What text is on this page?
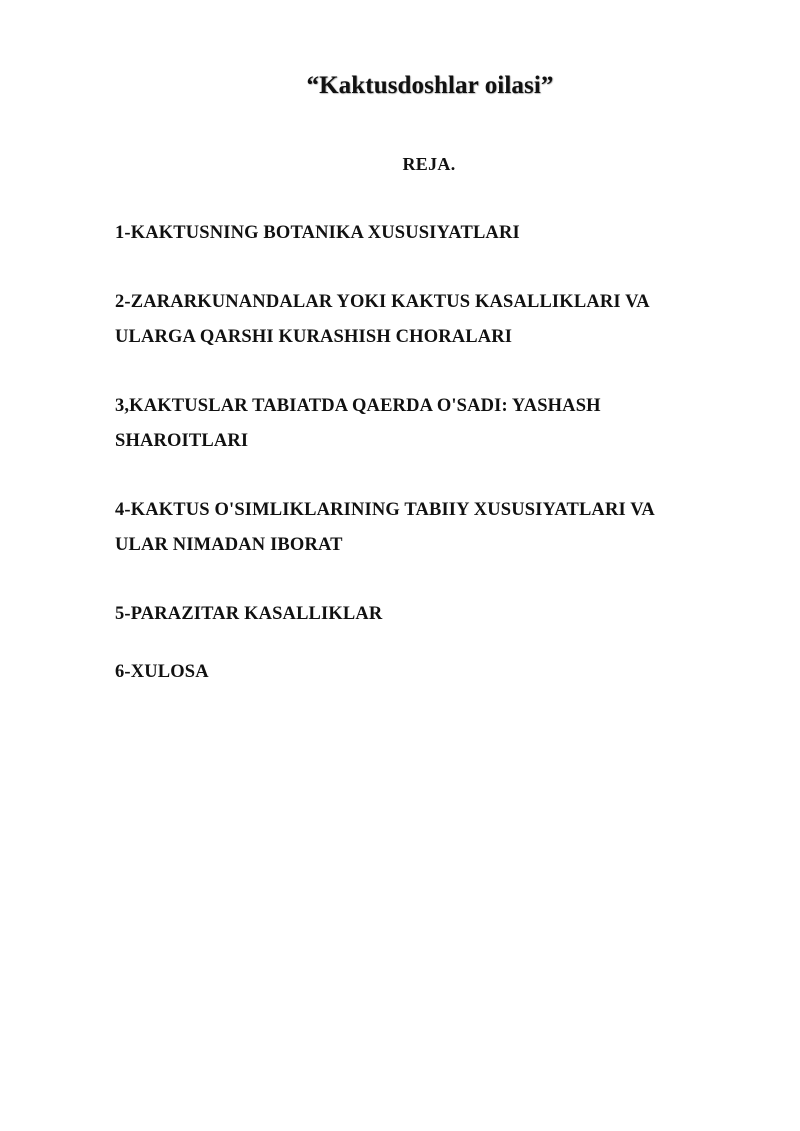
“Kaktusdoshlar oilasi”
REJA.
1-KAKTUSNING BOTANIKA XUSUSIYATLARI
2-ZARARKUNANDALAR YOKI KAKTUS KASALLIKLARI VA
ULARGA QARSHI KURASHISH CHORALARI
3,KAKTUSLAR TABIATDA QAERDA O'SADI: YASHASH
SHAROITLARI
4-KAKTUS O'SIMLIKLARINING TABIIY XUSUSIYATLARI VA
ULAR NIMADAN IBORAT
5-PARAZITAR KASALLIKLAR
6-XULOSA
